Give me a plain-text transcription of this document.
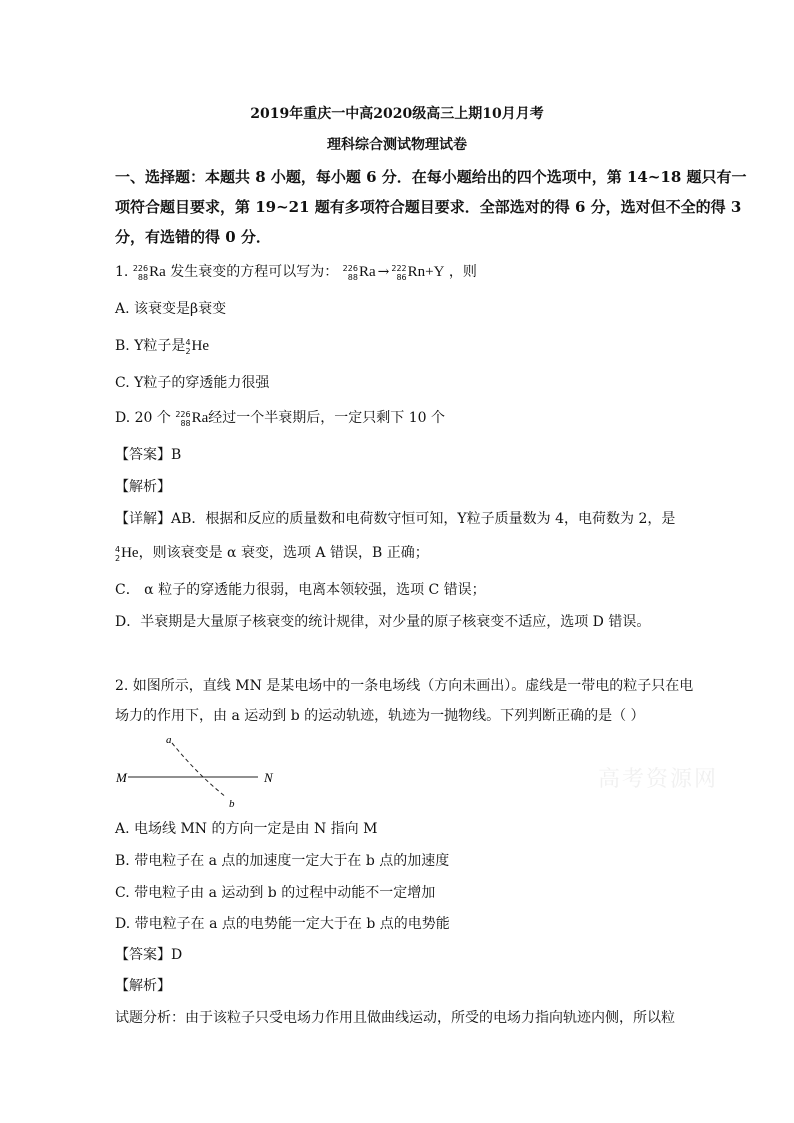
2019年重庆一中高2020级高三上期10月月考
理科综合测试物理试卷
一、选择题：本题共 8 小题，每小题 6 分．在每小题给出的四个选项中，第 14~18 题只有一
项符合题目要求，第 19~21 题有多项符合题目要求．全部选对的得 6 分，选对但不全的得 3
分，有选错的得 0 分．
1. 226
88 Ra 发生衰变的方程可以写为： 226
88 Ra → 222
86 Rn+Y ，则
A. 该衰变是β衰变
B. Y粒子是 4
2 He
C. Y粒子的穿透能力很强
D. 20 个 226
88 Ra经过一个半衰期后，一定只剩下 10 个
【答案】B
【解析】
【详解】AB．根据和反应的质量数和电荷数守恒可知，Y粒子质量数为 4，电荷数为 2，是
4
2 He，则该衰变是 α 衰变，选项 A 错误，B 正确；
C． α 粒子的穿透能力很弱，电离本领较强，选项 C 错误；
D．半衰期是大量原子核衰变的统计规律，对少量的原子核衰变不适应，选项 D 错误。
2. 如图所示，直线 MN 是某电场中的一条电场线（方向未画出）。虚线是一带电的粒子只在电
场力的作用下，由 a 运动到 b 的运动轨迹，轨迹为一抛物线。下列判断正确的是（ ）
M	N
a
b
高考资源网
A. 电场线 MN 的方向一定是由 N 指向 M
B. 带电粒子在 a 点的加速度一定大于在 b 点的加速度
C. 带电粒子由 a 运动到 b 的过程中动能不一定增加
D. 带电粒子在 a 点的电势能一定大于在 b 点的电势能
【答案】D
【解析】
试题分析：由于该粒子只受电场力作用且做曲线运动，所受的电场力指向轨迹内侧，所以粒
